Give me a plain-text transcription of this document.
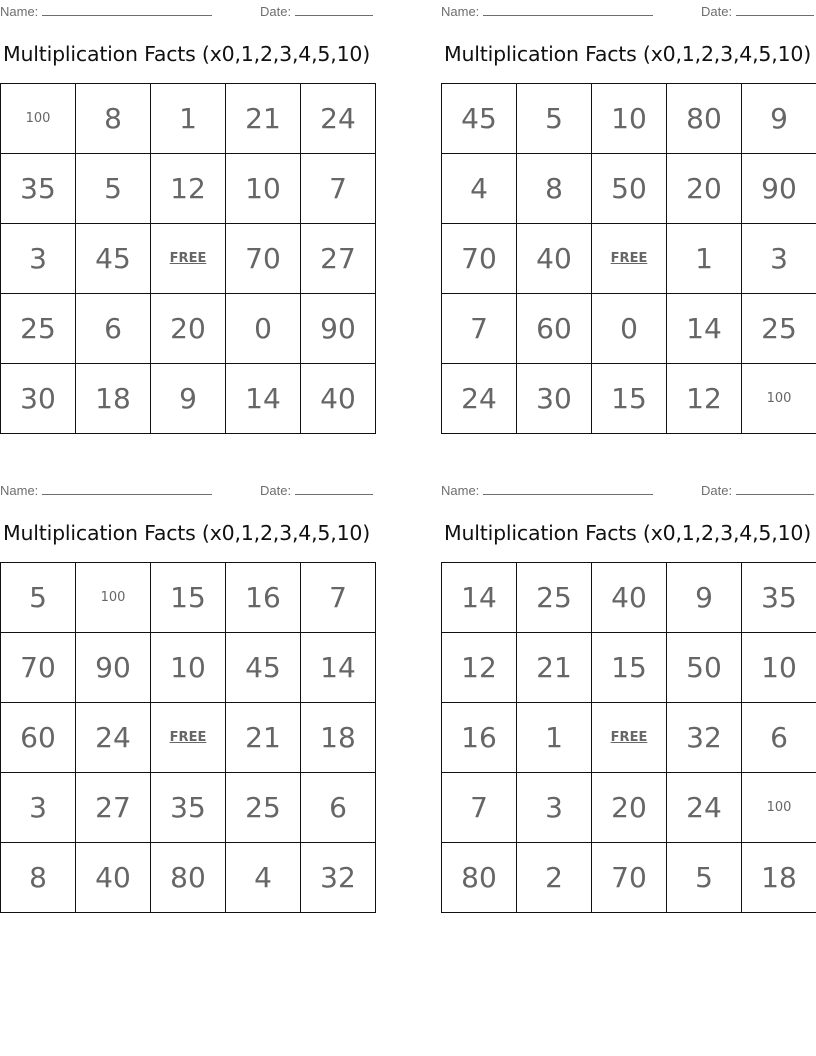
Name:	Date:
Multiplication Facts (x0,1,2,3,4,5,10)
100	8	1	21	24
35	5	12	10	7
3	45	FREE	70	27
25	6	20	0	90
30	18	9	14	40
Name:	Date:
Multiplication Facts (x0,1,2,3,4,5,10)
45	5	10	80	9
4	8	50	20	90
70	40	FREE	1	3
7	60	0	14	25
24	30	15	12	100
Name:	Date:
Multiplication Facts (x0,1,2,3,4,5,10)
5	100	15	16	7
70	90	10	45	14
60	24	FREE	21	18
3	27	35	25	6
8	40	80	4	32
Name:	Date:
Multiplication Facts (x0,1,2,3,4,5,10)
14	25	40	9	35
12	21	15	50	10
16	1	FREE	32	6
7	3	20	24	100
80	2	70	5	18
